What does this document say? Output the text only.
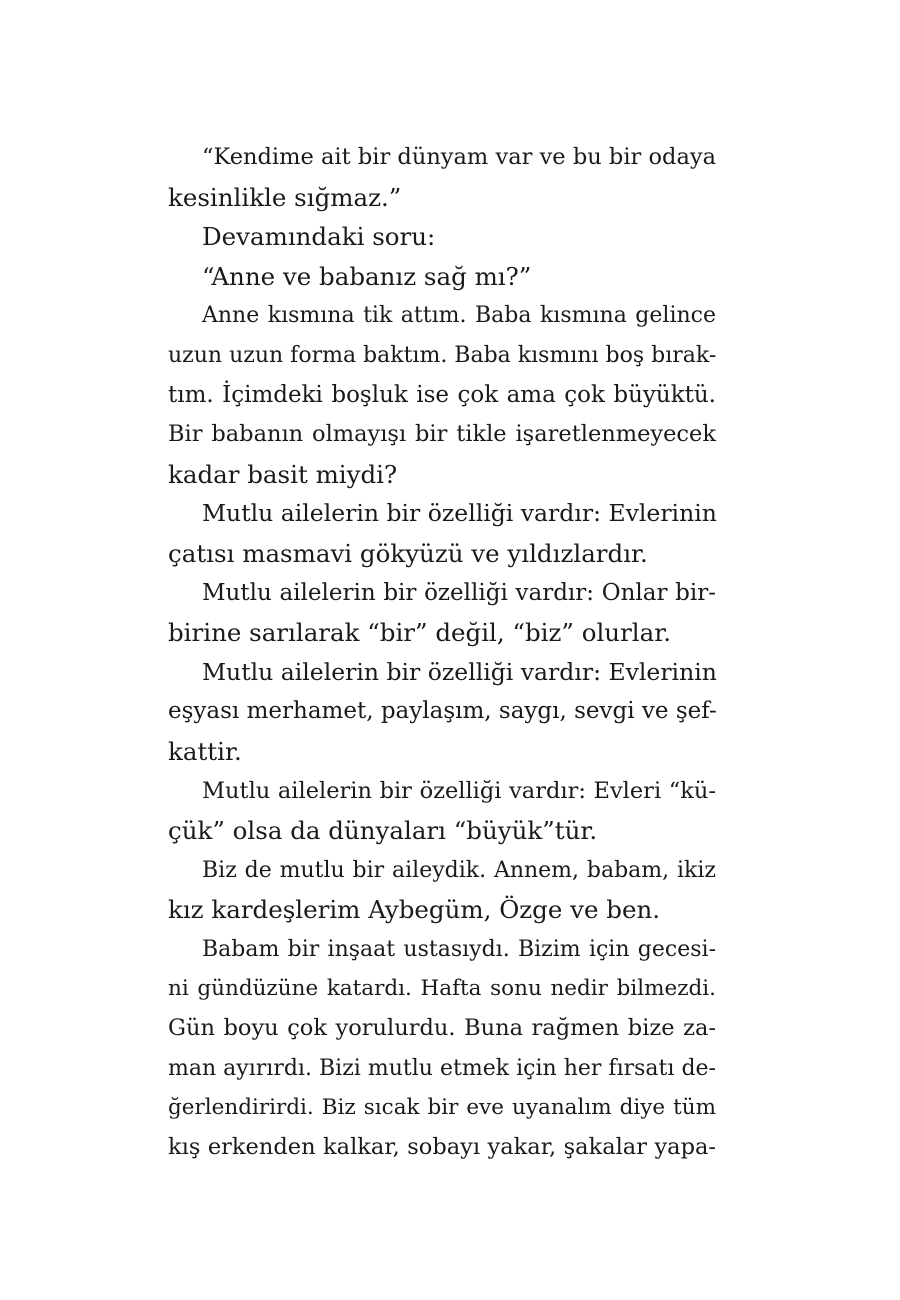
“Kendime ait bir dünyam var ve bu bir odaya
kesinlikle sığmaz.”
Devamındaki soru:
“Anne ve babanız sağ mı?”
Anne kısmına tik attım. Baba kısmına gelince
uzun uzun forma baktım. Baba kısmını boş bırak-
tım. İçimdeki boşluk ise çok ama çok büyüktü.
Bir babanın olmayışı bir tikle işaretlenmeyecek
kadar basit miydi?
Mutlu ailelerin bir özelliği vardır: Evlerinin
çatısı masmavi gökyüzü ve yıldızlardır.
Mutlu ailelerin bir özelliği vardır: Onlar bir-
birine sarılarak “bir” değil, “biz” olurlar.
Mutlu ailelerin bir özelliği vardır: Evlerinin
eşyası merhamet, paylaşım, saygı, sevgi ve şef-
kattir.
Mutlu ailelerin bir özelliği vardır: Evleri “kü-
çük” olsa da dünyaları “büyük”tür.
Biz de mutlu bir aileydik. Annem, babam, ikiz
kız kardeşlerim Aybegüm, Özge ve ben.
Babam bir inşaat ustasıydı. Bizim için gecesi-
ni gündüzüne katardı. Hafta sonu nedir bilmezdi.
Gün boyu çok yorulurdu. Buna rağmen bize za-
man ayırırdı. Bizi mutlu etmek için her fırsatı de-
ğerlendirirdi. Biz sıcak bir eve uyanalım diye tüm
kış erkenden kalkar, sobayı yakar, şakalar yapa-
